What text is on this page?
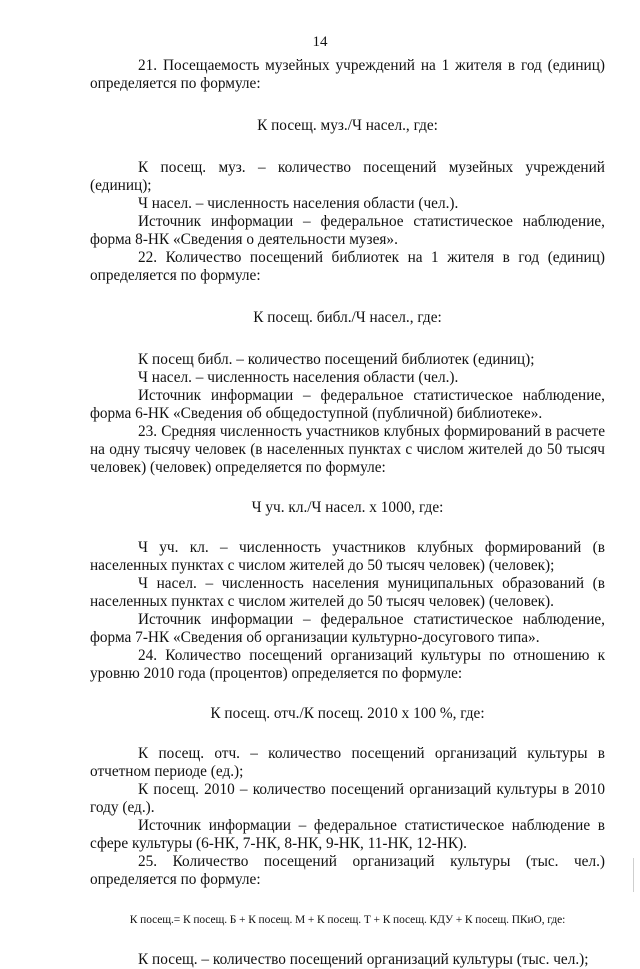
14

21. Посещаемость музейных учреждений на 1 жителя в год (единиц) определяется по формуле:

К посещ. муз./Ч насел., где:

К посещ. муз. – количество посещений музейных учреждений (единиц);

Ч насел. – численность населения области (чел.).

Источник информации – федеральное статистическое наблюдение, форма 8-НК «Сведения о деятельности музея».

22. Количество посещений библиотек на 1 жителя в год (единиц) определяется по формуле:

К посещ. библ./Ч насел., где:

К посещ библ. – количество посещений библиотек (единиц);

Ч насел. – численность населения области (чел.).

Источник информации – федеральное статистическое наблюдение, форма 6-НК «Сведения об общедоступной (публичной) библиотеке».

23. Средняя численность участников клубных формирований в расчете на одну тысячу человек (в населенных пунктах с числом жителей до 50 тысяч человек) (человек) определяется по формуле:

Ч уч. кл./Ч насел. х 1000, где:

Ч уч. кл. – численность участников клубных формирований (в населенных пунктах с числом жителей до 50 тысяч человек) (человек);

Ч насел. – численность населения муниципальных образований (в населенных пунктах с числом жителей до 50 тысяч человек) (человек).

Источник информации – федеральное статистическое наблюдение, форма 7-НК «Сведения об организации культурно-досугового типа».

24. Количество посещений организаций культуры по отношению к уровню 2010 года (процентов) определяется по формуле:

К посещ. отч./К посещ. 2010 х 100 %, где:

К посещ. отч. – количество посещений организаций культуры в отчетном периоде (ед.);

К посещ. 2010 – количество посещений организаций культуры в 2010 году (ед.).

Источник информации – федеральное статистическое наблюдение в сфере культуры (6-НК, 7-НК, 8-НК, 9-НК, 11-НК, 12-НК).

25. Количество посещений организаций культуры (тыс. чел.) определяется по формуле:

К посещ.= К посещ. Б + К посещ. М + К посещ. Т + К посещ. КДУ + К посещ. ПКиО, где:

К посещ. – количество посещений организаций культуры (тыс. чел.);
